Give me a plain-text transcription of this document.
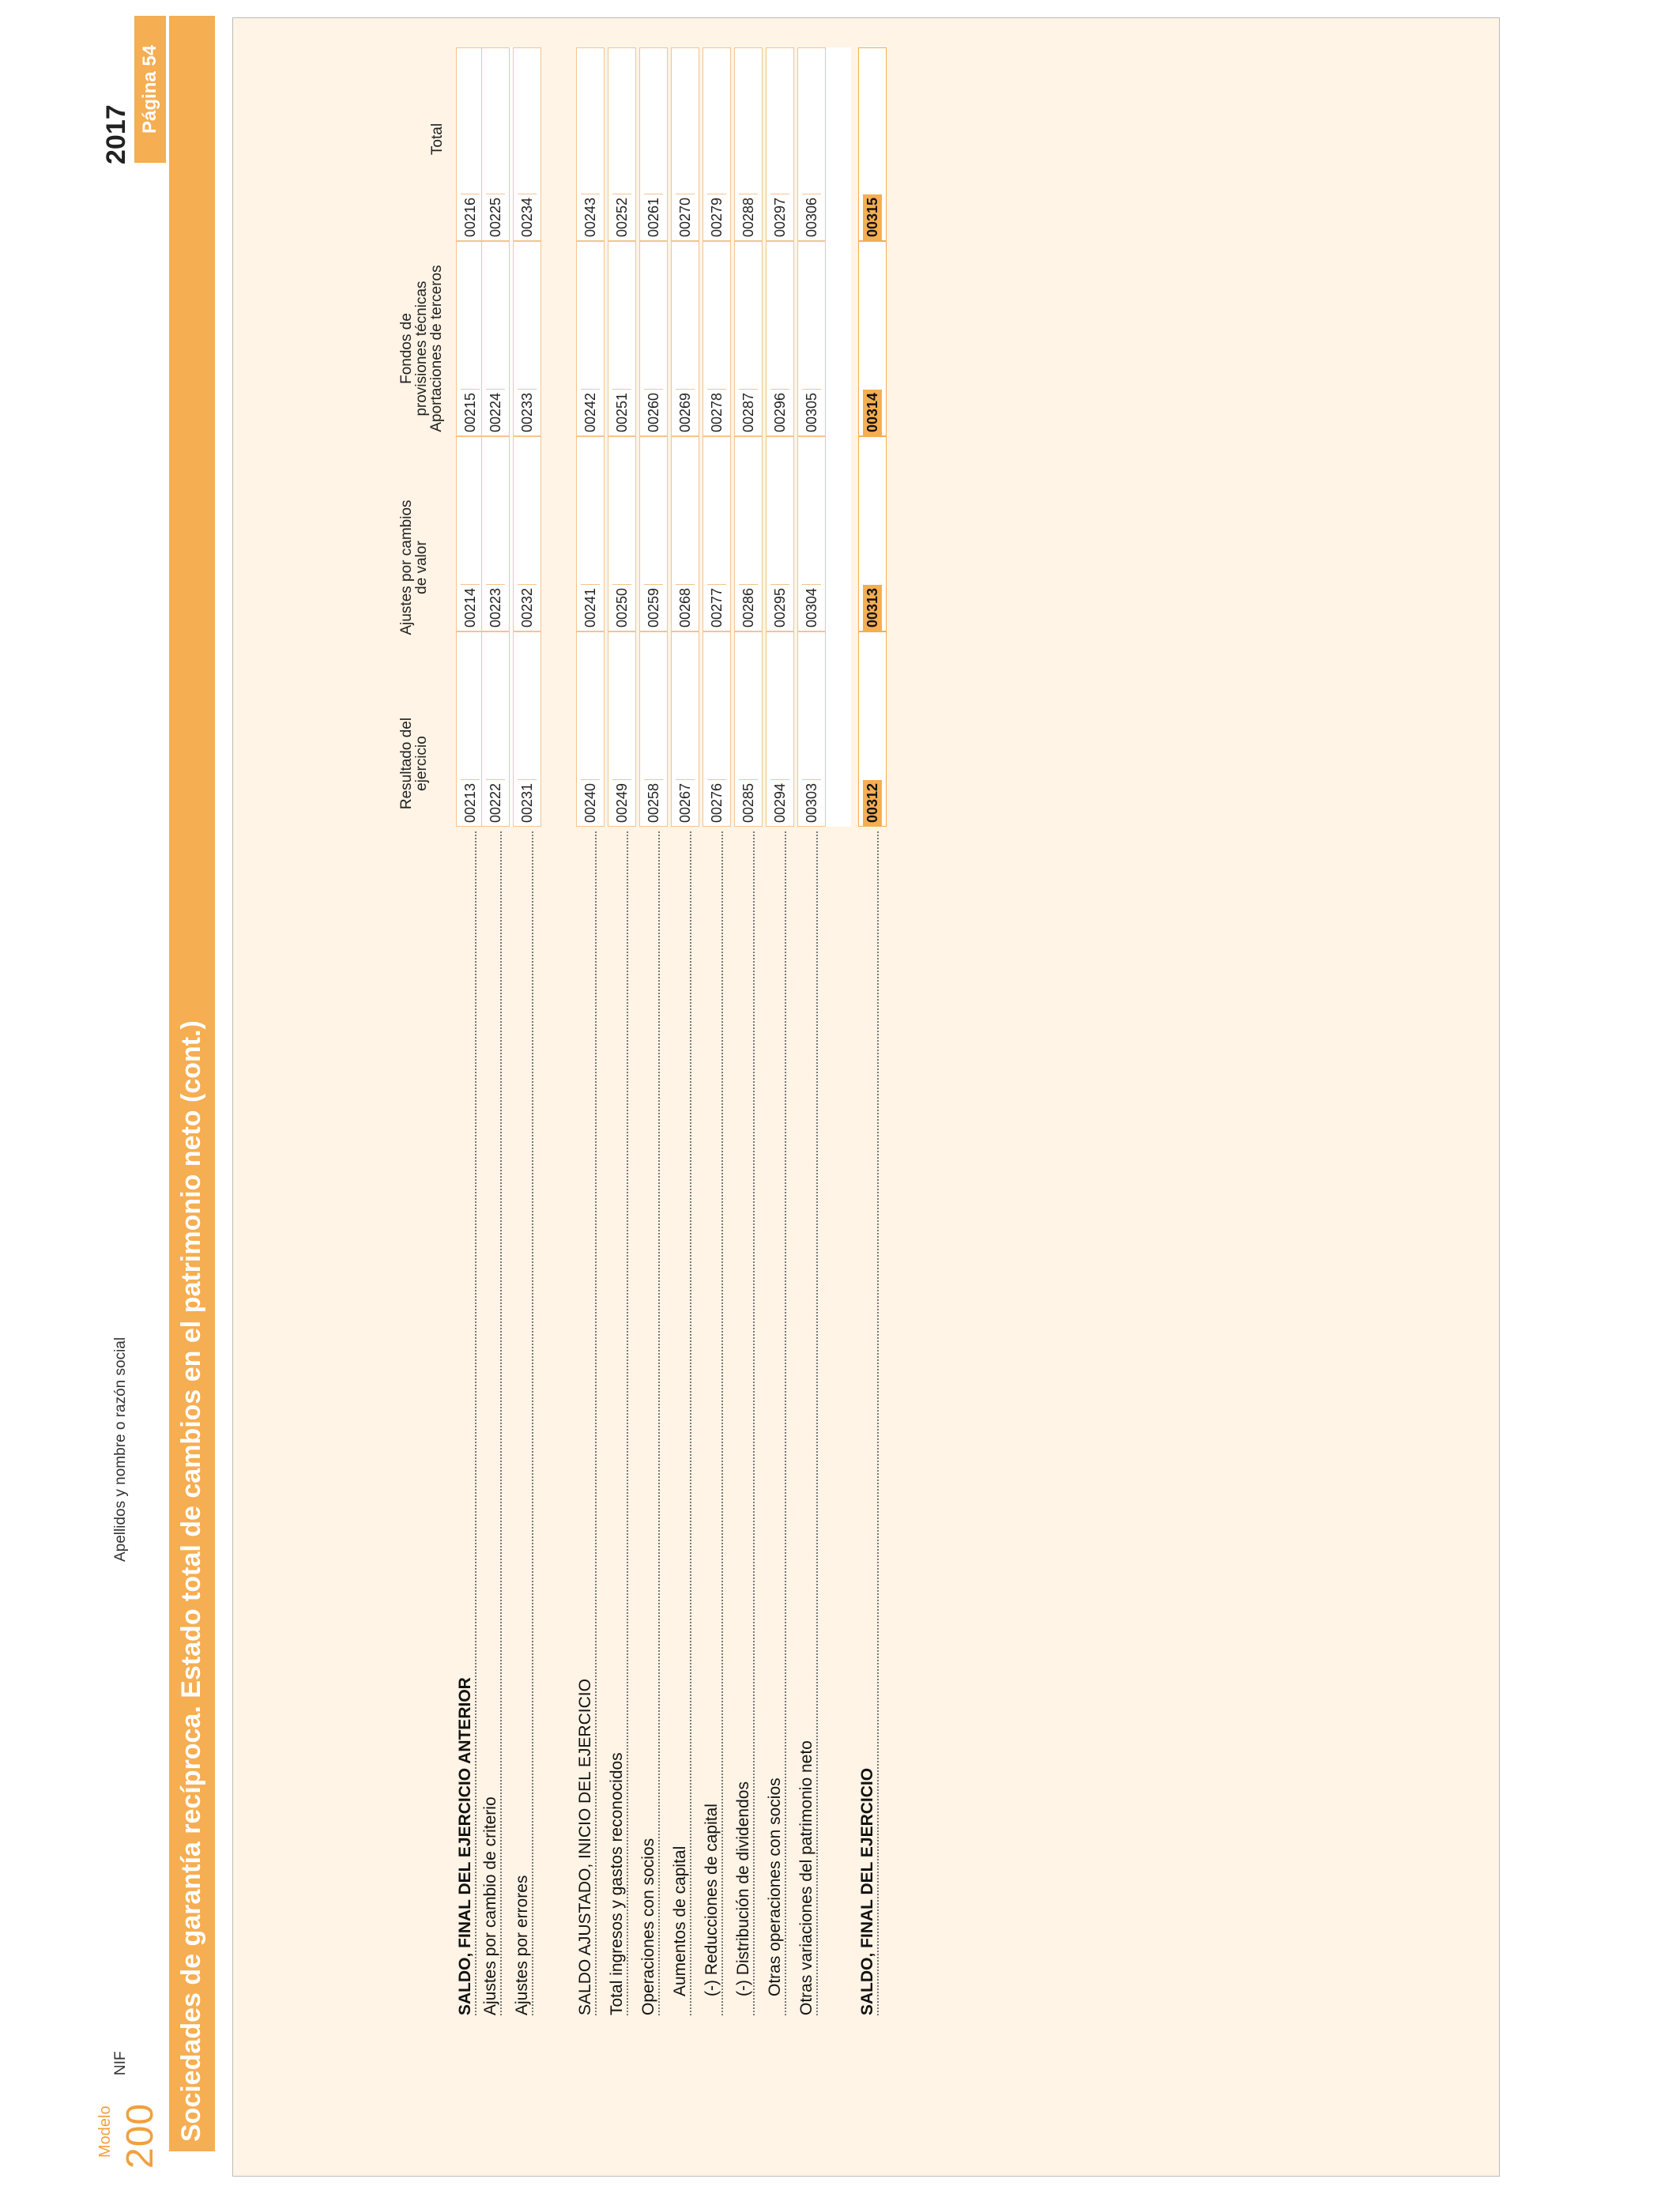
Modelo 200
NIF
Apellidos y nombre o razón social
2017
Página 54
Sociedades de garantía recíproca. Estado total de cambios en el patrimonio neto (cont.)
Resultado del
ejercicio
Ajustes por cambios
de valor
Fondos de
provisiones técnicas
Aportaciones de terceros
Total
SALDO, FINAL DEL EJERCICIO ANTERIOR
00213
00214
00215
00216
Ajustes por cambio de criterio
00222
00223
00224
00225
Ajustes por errores
00231
00232
00233
00234
SALDO AJUSTADO, INICIO DEL EJERCICIO
00240
00241
00242
00243
Total ingresos y gastos reconocidos
00249
00250
00251
00252
Operaciones con socios
00258
00259
00260
00261
Aumentos de capital
00267
00268
00269
00270
(-) Reducciones de capital
00276
00277
00278
00279
(-) Distribución de dividendos
00285
00286
00287
00288
Otras operaciones con socios
00294
00295
00296
00297
Otras variaciones del patrimonio neto
00303
00304
00305
00306
SALDO, FINAL DEL EJERCICIO
00312
00313
00314
00315
